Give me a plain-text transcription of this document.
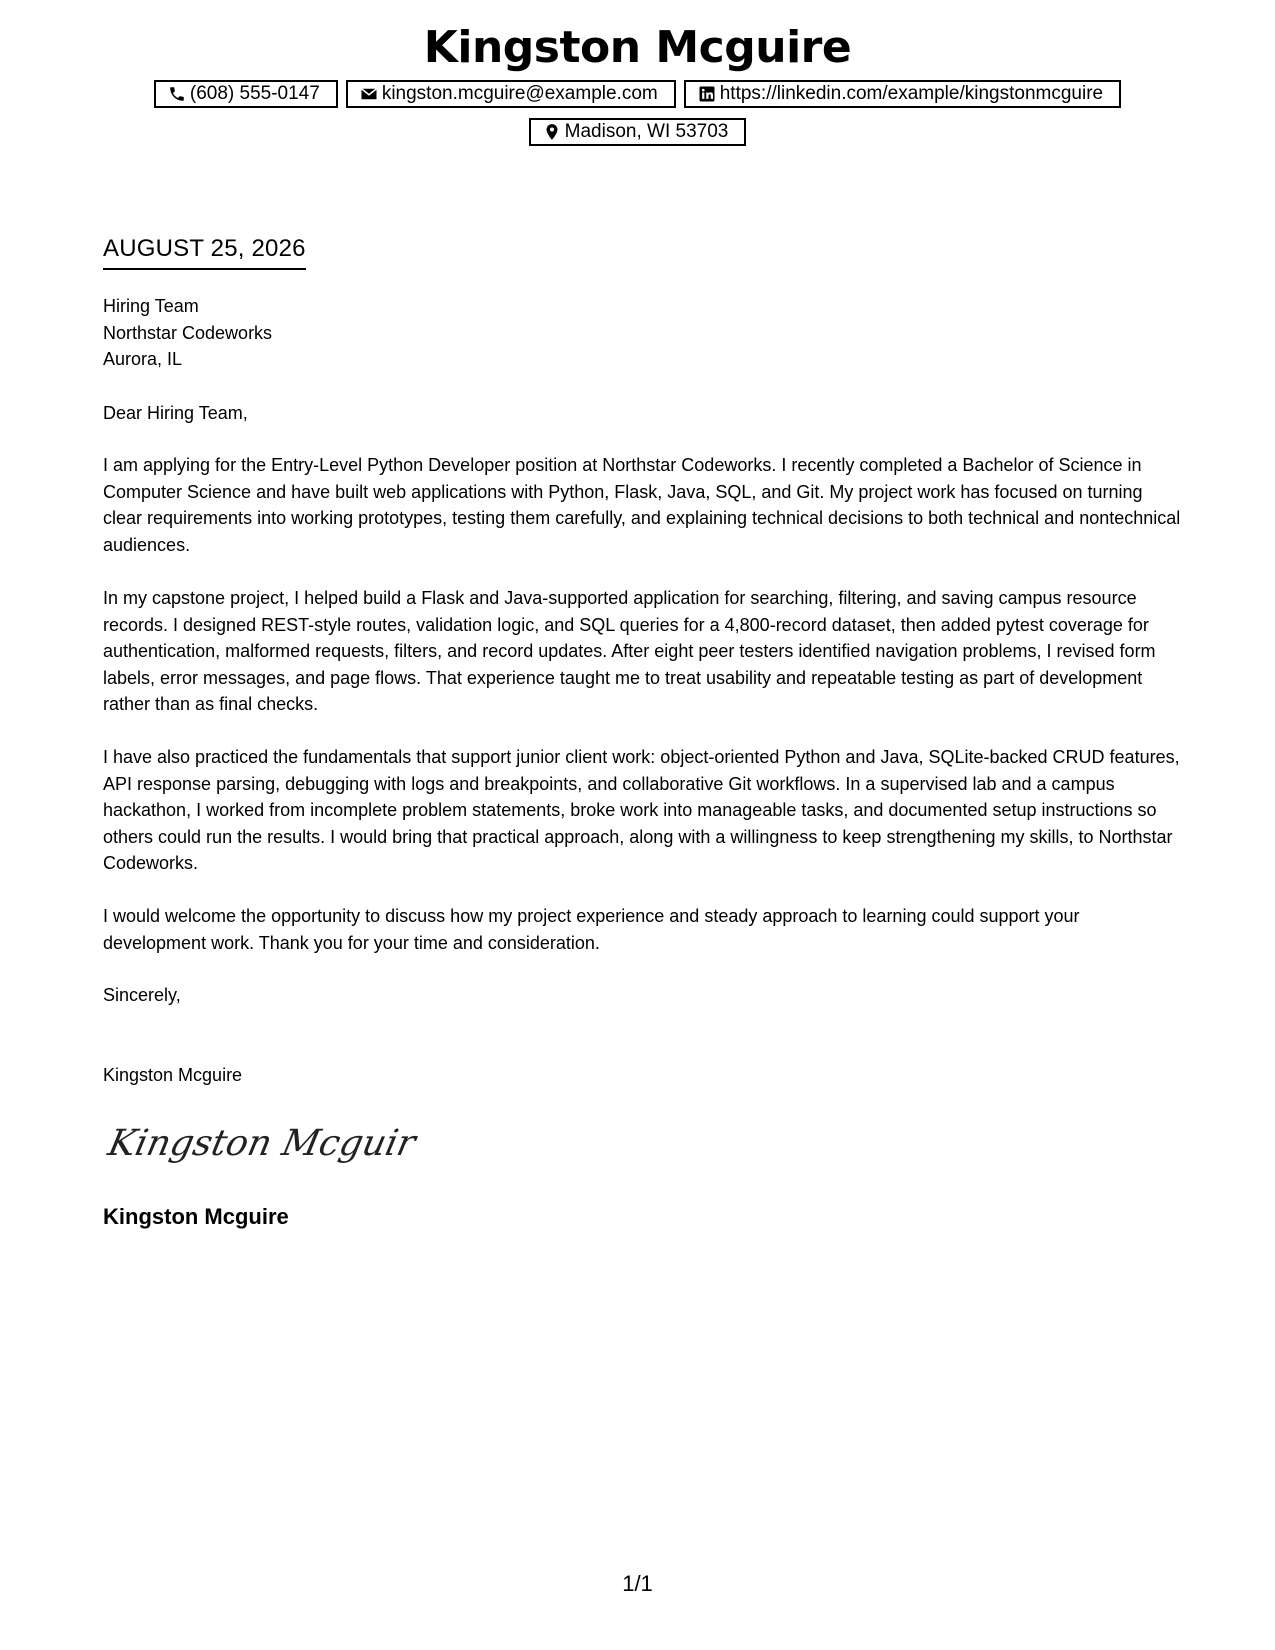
Kingston Mcguire
(608) 555-0147	kingston.mcguire@example.com	https://linkedin.com/example/kingstonmcguire
Madison, WI 53703
AUGUST 25, 2026
Hiring Team
Northstar Codeworks
Aurora, IL
Dear Hiring Team,
I am applying for the Entry-Level Python Developer position at Northstar Codeworks. I recently completed a Bachelor of Science in Computer Science and have built web applications with Python, Flask, Java, SQL, and Git. My project work has focused on turning clear requirements into working prototypes, testing them carefully, and explaining technical decisions to both technical and nontechnical audiences.
In my capstone project, I helped build a Flask and Java-supported application for searching, filtering, and saving campus resource records. I designed REST-style routes, validation logic, and SQL queries for a 4,800-record dataset, then added pytest coverage for authentication, malformed requests, filters, and record updates. After eight peer testers identified navigation problems, I revised form labels, error messages, and page flows. That experience taught me to treat usability and repeatable testing as part of development rather than as final checks.
I have also practiced the fundamentals that support junior client work: object-oriented Python and Java, SQLite-backed CRUD features, API response parsing, debugging with logs and breakpoints, and collaborative Git workflows. In a supervised lab and a campus hackathon, I worked from incomplete problem statements, broke work into manageable tasks, and documented setup instructions so others could run the results. I would bring that practical approach, along with a willingness to keep strengthening my skills, to Northstar Codeworks.
I would welcome the opportunity to discuss how my project experience and steady approach to learning could support your development work. Thank you for your time and consideration.
Sincerely,
Kingston Mcguire
Kingston Mcguir
Kingston Mcguire
1/1
